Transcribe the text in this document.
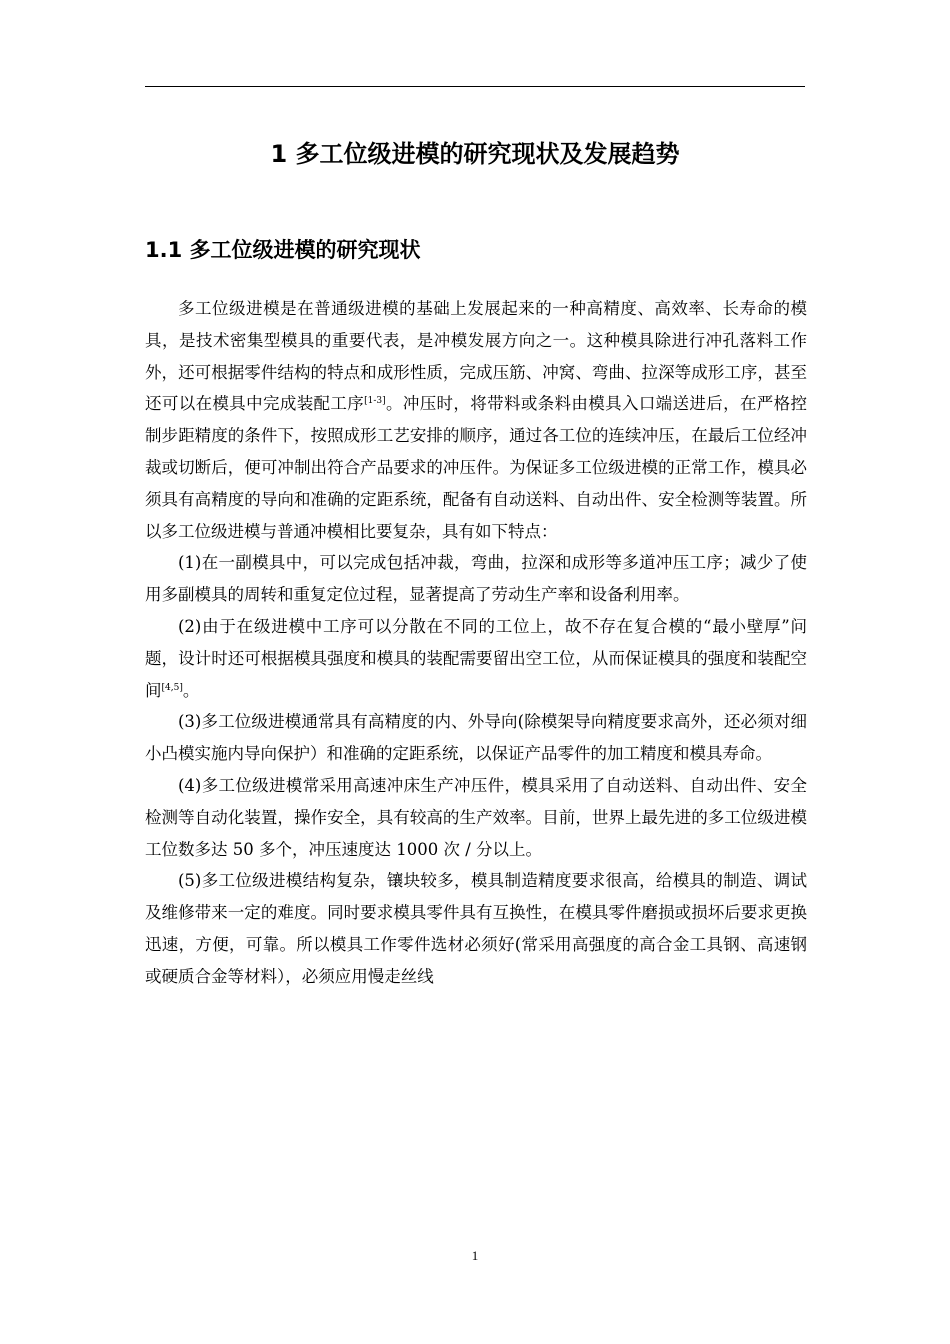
1 多工位级进模的研究现状及发展趋势
1.1 多工位级进模的研究现状

多工位级进模是在普通级进模的基础上发展起来的一种高精度、高效率、长寿命的模具，是技术密集型模具的重要代表，是冲模发展方向之一。这种模具除进行冲孔落料工作外，还可根据零件结构的特点和成形性质，完成压筋、冲窝、弯曲、拉深等成形工序，甚至还可以在模具中完成装配工序[1-3]。冲压时，将带料或条料由模具入口端送进后，在严格控制步距精度的条件下，按照成形工艺安排的顺序，通过各工位的连续冲压，在最后工位经冲裁或切断后，便可冲制出符合产品要求的冲压件。为保证多工位级进模的正常工作，模具必须具有高精度的导向和准确的定距系统，配备有自动送料、自动出件、安全检测等装置。所以多工位级进模与普通冲模相比要复杂，具有如下特点：

(1)在一副模具中，可以完成包括冲裁，弯曲，拉深和成形等多道冲压工序；减少了使用多副模具的周转和重复定位过程，显著提高了劳动生产率和设备利用率。

(2)由于在级进模中工序可以分散在不同的工位上，故不存在复合模的“最小壁厚”问题，设计时还可根据模具强度和模具的装配需要留出空工位，从而保证模具的强度和装配空间[4,5]。

(3)多工位级进模通常具有高精度的内、外导向(除模架导向精度要求高外，还必须对细小凸模实施内导向保护）和准确的定距系统，以保证产品零件的加工精度和模具寿命。

(4)多工位级进模常采用高速冲床生产冲压件，模具采用了自动送料、自动出件、安全检测等自动化装置，操作安全，具有较高的生产效率。目前，世界上最先进的多工位级进模工位数多达 50 多个，冲压速度达 1000 次 / 分以上。

(5)多工位级进模结构复杂，镶块较多，模具制造精度要求很高，给模具的制造、调试及维修带来一定的难度。同时要求模具零件具有互换性，在模具零件磨损或损坏后要求更换迅速，方便，可靠。所以模具工作零件选材必须好(常采用高强度的高合金工具钢、高速钢或硬质合金等材料），必须应用慢走丝线

1
